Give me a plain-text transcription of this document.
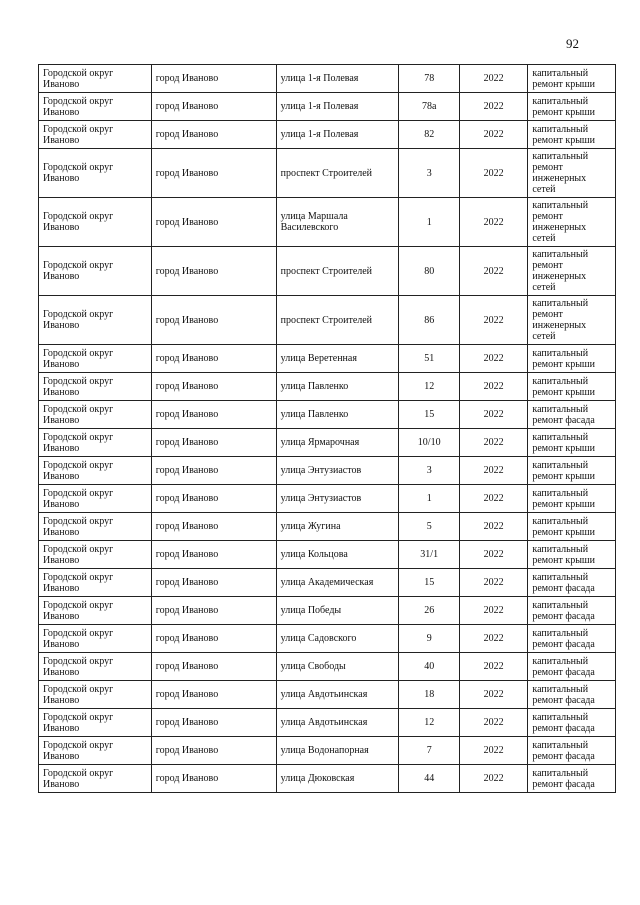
92
Городской округ Иваново	город Иваново	улица 1-я Полевая	78	2022	капитальный ремонт крыши
Городской округ Иваново	город Иваново	улица 1-я Полевая	78а	2022	капитальный ремонт крыши
Городской округ Иваново	город Иваново	улица 1-я Полевая	82	2022	капитальный ремонт крыши
Городской округ Иваново	город Иваново	проспект Строителей	3	2022	капитальный ремонт инженерных сетей
Городской округ Иваново	город Иваново	улица Маршала Василевского	1	2022	капитальный ремонт инженерных сетей
Городской округ Иваново	город Иваново	проспект Строителей	80	2022	капитальный ремонт инженерных сетей
Городской округ Иваново	город Иваново	проспект Строителей	86	2022	капитальный ремонт инженерных сетей
Городской округ Иваново	город Иваново	улица Веретенная	51	2022	капитальный ремонт крыши
Городской округ Иваново	город Иваново	улица Павленко	12	2022	капитальный ремонт крыши
Городской округ Иваново	город Иваново	улица Павленко	15	2022	капитальный ремонт фасада
Городской округ Иваново	город Иваново	улица Ярмарочная	10/10	2022	капитальный ремонт крыши
Городской округ Иваново	город Иваново	улица Энтузиастов	3	2022	капитальный ремонт крыши
Городской округ Иваново	город Иваново	улица Энтузиастов	1	2022	капитальный ремонт крыши
Городской округ Иваново	город Иваново	улица Жугина	5	2022	капитальный ремонт крыши
Городской округ Иваново	город Иваново	улица Кольцова	31/1	2022	капитальный ремонт крыши
Городской округ Иваново	город Иваново	улица Академическая	15	2022	капитальный ремонт фасада
Городской округ Иваново	город Иваново	улица Победы	26	2022	капитальный ремонт фасада
Городской округ Иваново	город Иваново	улица Садовского	9	2022	капитальный ремонт фасада
Городской округ Иваново	город Иваново	улица Свободы	40	2022	капитальный ремонт фасада
Городской округ Иваново	город Иваново	улица Авдотьинская	18	2022	капитальный ремонт фасада
Городской округ Иваново	город Иваново	улица Авдотьинская	12	2022	капитальный ремонт фасада
Городской округ Иваново	город Иваново	улица Водонапорная	7	2022	капитальный ремонт фасада
Городской округ Иваново	город Иваново	улица Дюковская	44	2022	капитальный ремонт фасада
